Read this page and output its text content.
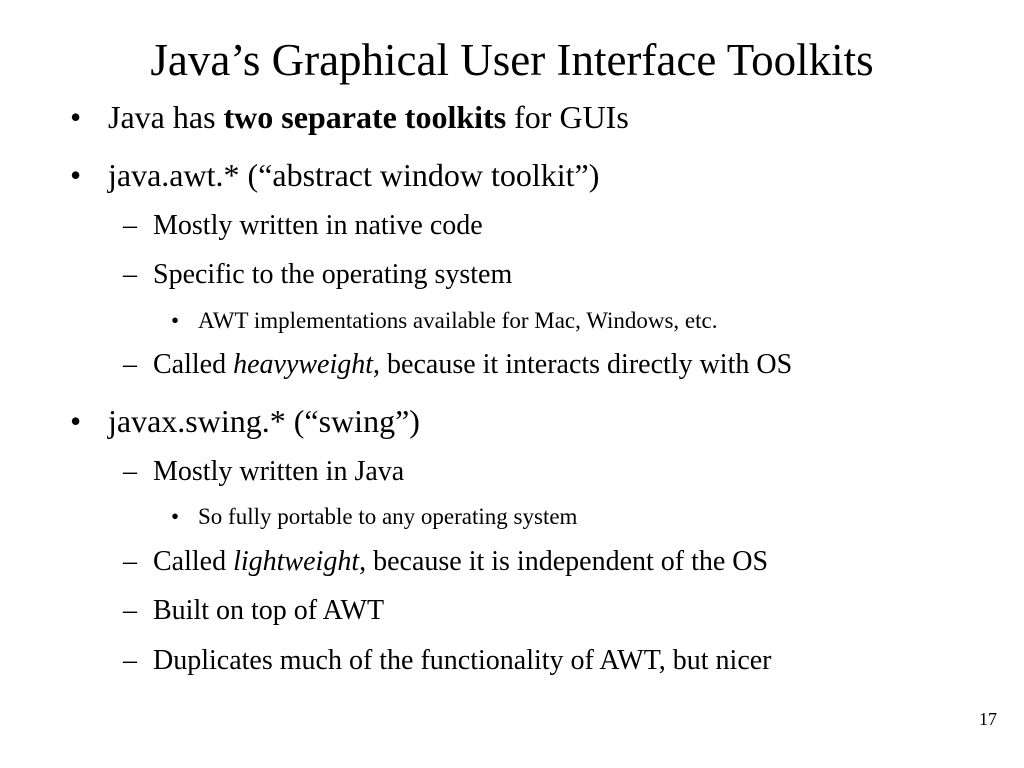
Java’s Graphical User Interface Toolkits
• Java has two separate toolkits for GUIs
• java.awt.* (“abstract window toolkit”)
– Mostly written in native code
– Specific to the operating system
• AWT implementations available for Mac, Windows, etc.
– Called heavyweight, because it interacts directly with OS
• javax.swing.* (“swing”)
– Mostly written in Java
• So fully portable to any operating system
– Called lightweight, because it is independent of the OS
– Built on top of AWT
– Duplicates much of the functionality of AWT, but nicer
17
